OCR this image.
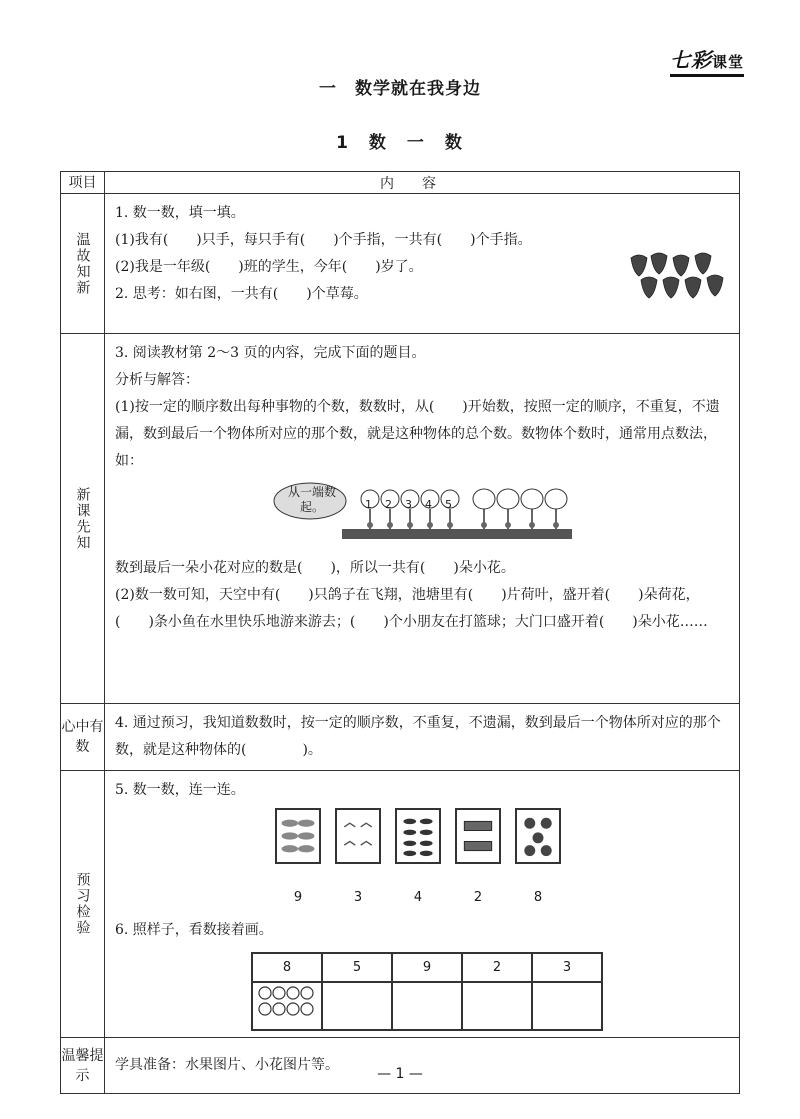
七彩课堂
一　数学就在我身边
1　数　一　数
项目	内容
温故知新	
1. 数一数，填一填。
(1)我有(　　)只手，每只手有(　　)个手指，一共有(　　)个手指。
(2)我是一年级(　　)班的学生，今年(　　)岁了。
2. 思考：如右图，一共有(　　)个草莓。

新课先知	
3. 阅读教材第 2～3 页的内容，完成下面的题目。
分析与解答：
(1)按一定的顺序数出每种事物的个数，数数时，从(　　)开始数，按照一定的顺序，不重复，不遗漏，数到最后一个物体所对应的那个数，就是这种物体的总个数。数物体个数时，通常用点数法，如：
从一端数起。	1 2 3 4 5
数到最后一朵小花对应的数是(　　)，所以一共有(　　)朵小花。
(2)数一数可知，天空中有(　　)只鸽子在飞翔，池塘里有(　　)片荷叶，盛开着(　　)朵荷花，(　　)条小鱼在水里快乐地游来游去；(　　)个小朋友在打篮球；大门口盛开着(　　)朵小花……

心中有数	
4. 通过预习，我知道数数时，按一定的顺序数，不重复，不遗漏，数到最后一个物体所对应的那个数，就是这种物体的(　　　　)。

预习检验	
5. 数一数，连一连。
9	3	4	2	8
6. 照样子，看数接着画。
8	5	9	2	3

温馨提示	
学具准备：水果图片、小花图片等。
— 1 —
